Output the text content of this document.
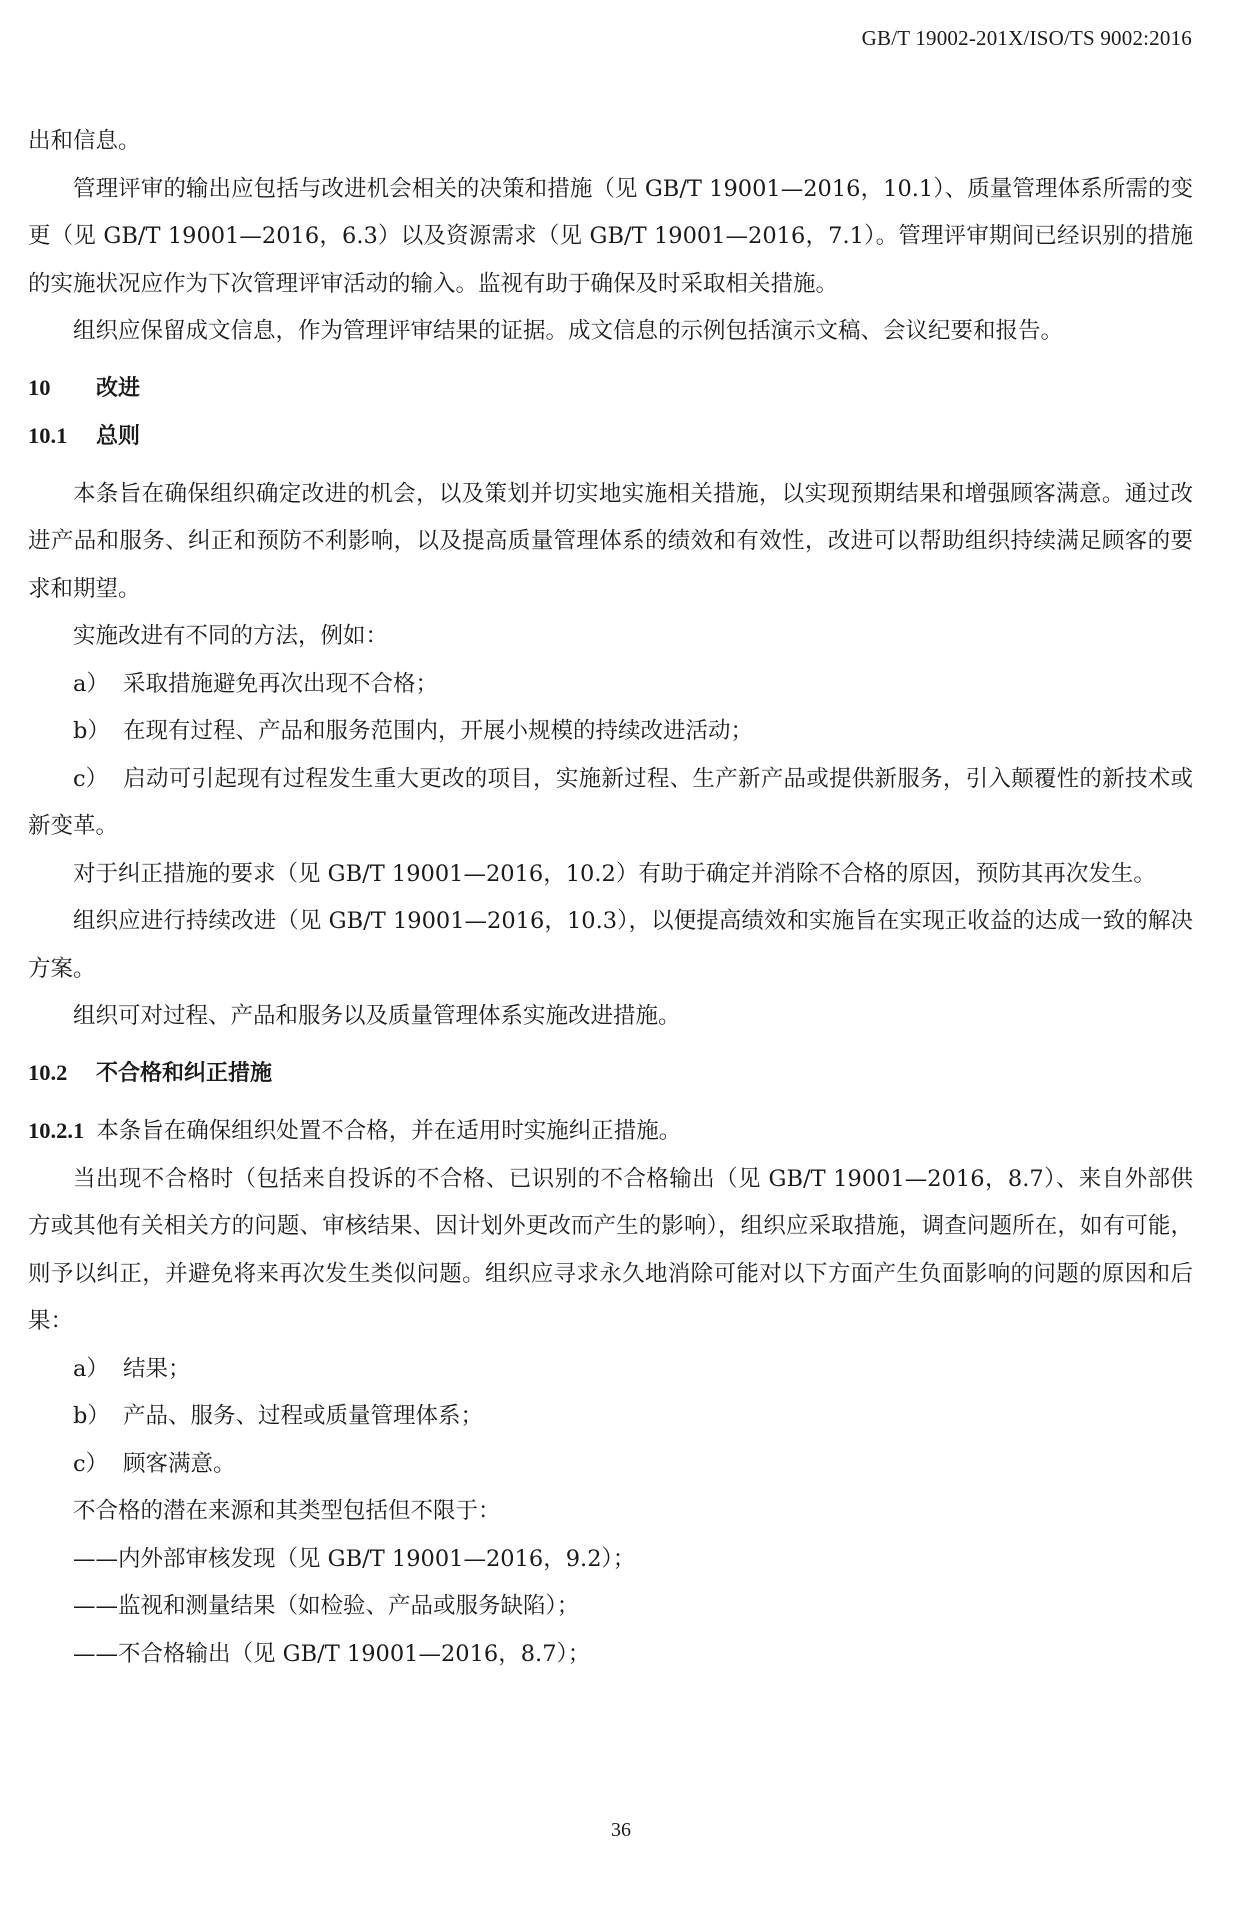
GB/T 19002-201X/ISO/TS 9002:2016

出和信息。

管理评审的输出应包括与改进机会相关的决策和措施（见 GB/T 19001—2016，10.1）、质量管理体系所需的变更（见 GB/T 19001—2016，6.3）以及资源需求（见 GB/T 19001—2016，7.1）。管理评审期间已经识别的措施的实施状况应作为下次管理评审活动的输入。监视有助于确保及时采取相关措施。

组织应保留成文信息，作为管理评审结果的证据。成文信息的示例包括演示文稿、会议纪要和报告。

10 改进

10.1 总则

本条旨在确保组织确定改进的机会，以及策划并切实地实施相关措施，以实现预期结果和增强顾客满意。通过改进产品和服务、纠正和预防不利影响，以及提高质量管理体系的绩效和有效性，改进可以帮助组织持续满足顾客的要求和期望。

实施改进有不同的方法，例如：

a） 采取措施避免再次出现不合格；

b） 在现有过程、产品和服务范围内，开展小规模的持续改进活动；

c） 启动可引起现有过程发生重大更改的项目，实施新过程、生产新产品或提供新服务，引入颠覆性的新技术或新变革。

对于纠正措施的要求（见 GB/T 19001—2016，10.2）有助于确定并消除不合格的原因，预防其再次发生。

组织应进行持续改进（见 GB/T 19001—2016，10.3），以便提高绩效和实施旨在实现正收益的达成一致的解决方案。

组织可对过程、产品和服务以及质量管理体系实施改进措施。

10.2 不合格和纠正措施

10.2.1 本条旨在确保组织处置不合格，并在适用时实施纠正措施。

当出现不合格时（包括来自投诉的不合格、已识别的不合格输出（见 GB/T 19001—2016，8.7）、来自外部供方或其他有关相关方的问题、审核结果、因计划外更改而产生的影响），组织应采取措施，调查问题所在，如有可能，则予以纠正，并避免将来再次发生类似问题。组织应寻求永久地消除可能对以下方面产生负面影响的问题的原因和后果：

a） 结果；

b） 产品、服务、过程或质量管理体系；

c） 顾客满意。

不合格的潜在来源和其类型包括但不限于：

——内外部审核发现（见 GB/T 19001—2016，9.2）；

——监视和测量结果（如检验、产品或服务缺陷）；

——不合格输出（见 GB/T 19001—2016，8.7）；

36
